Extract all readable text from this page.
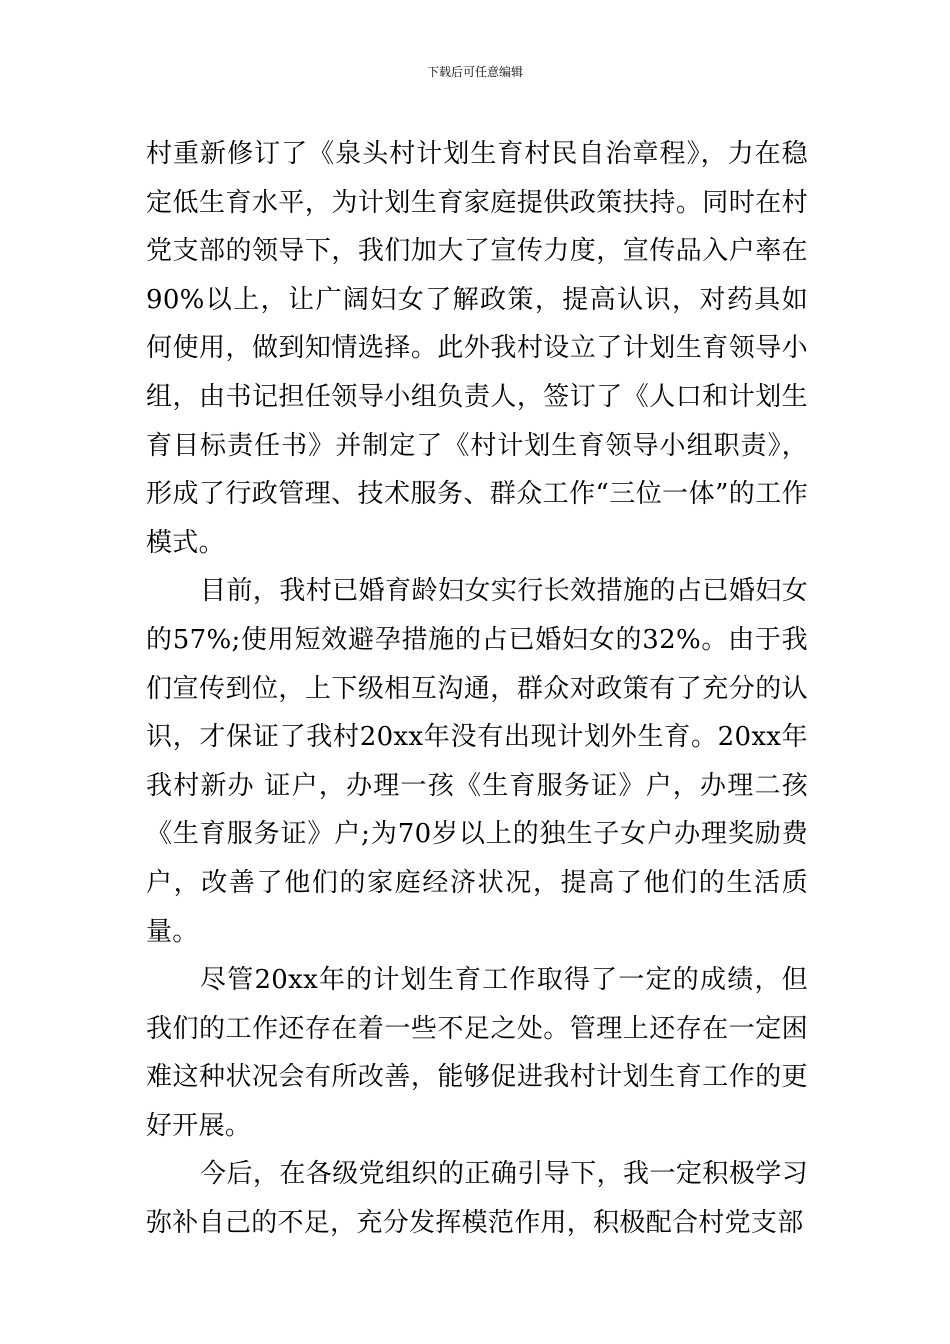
下载后可任意编辑

村重新修订了《泉头村计划生育村民自治章程》，力在稳定低生育水平，为计划生育家庭提供政策扶持。同时在村党支部的领导下，我们加大了宣传力度，宣传品入户率在90%以上，让广阔妇女了解政策，提高认识，对药具如何使用，做到知情选择。此外我村设立了计划生育领导小组，由书记担任领导小组负责人，签订了《人口和计划生育目标责任书》并制定了《村计划生育领导小组职责》，形成了行政管理、技术服务、群众工作“三位一体”的工作模式。

目前，我村已婚育龄妇女实行长效措施的占已婚妇女的57%;使用短效避孕措施的占已婚妇女的32%。由于我们宣传到位，上下级相互沟通，群众对政策有了充分的认识，才保证了我村20xx年没有出现计划外生育。20xx年我村新办 证户，办理一孩《生育服务证》户，办理二孩《生育服务证》户;为70岁以上的独生子女户办理奖励费户，改善了他们的家庭经济状况，提高了他们的生活质量。

尽管20xx年的计划生育工作取得了一定的成绩，但我们的工作还存在着一些不足之处。管理上还存在一定困难这种状况会有所改善，能够促进我村计划生育工作的更好开展。

今后，在各级党组织的正确引导下，我一定积极学习弥补自己的不足，充分发挥模范作用，积极配合村党支部
